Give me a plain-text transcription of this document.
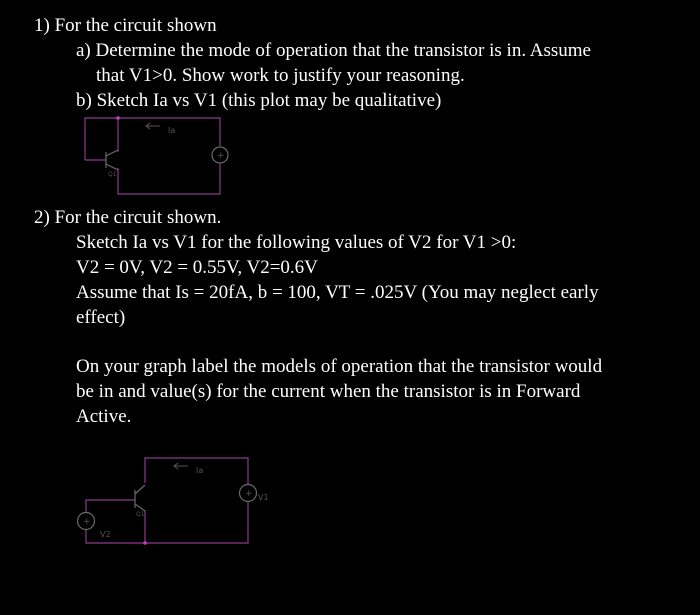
1) For the circuit shown
a) Determine the mode of operation that the transistor is in. Assume
that V1>0. Show work to justify your reasoning.
b) Sketch Ia vs V1 (this plot may be qualitative)
Q1
+
Ia
2) For the circuit shown.
Sketch Ia vs V1 for the following values of V2 for V1 >0:
V2 = 0V, V2 = 0.55V, V2=0.6V
Assume that Is = 20fA, b = 100, VT = .025V (You may neglect early
effect)
On your graph label the models of operation that the transistor would
be in and value(s) for the current when the transistor is in Forward
Active.
Q1
+ V1
+
V2
Ia
